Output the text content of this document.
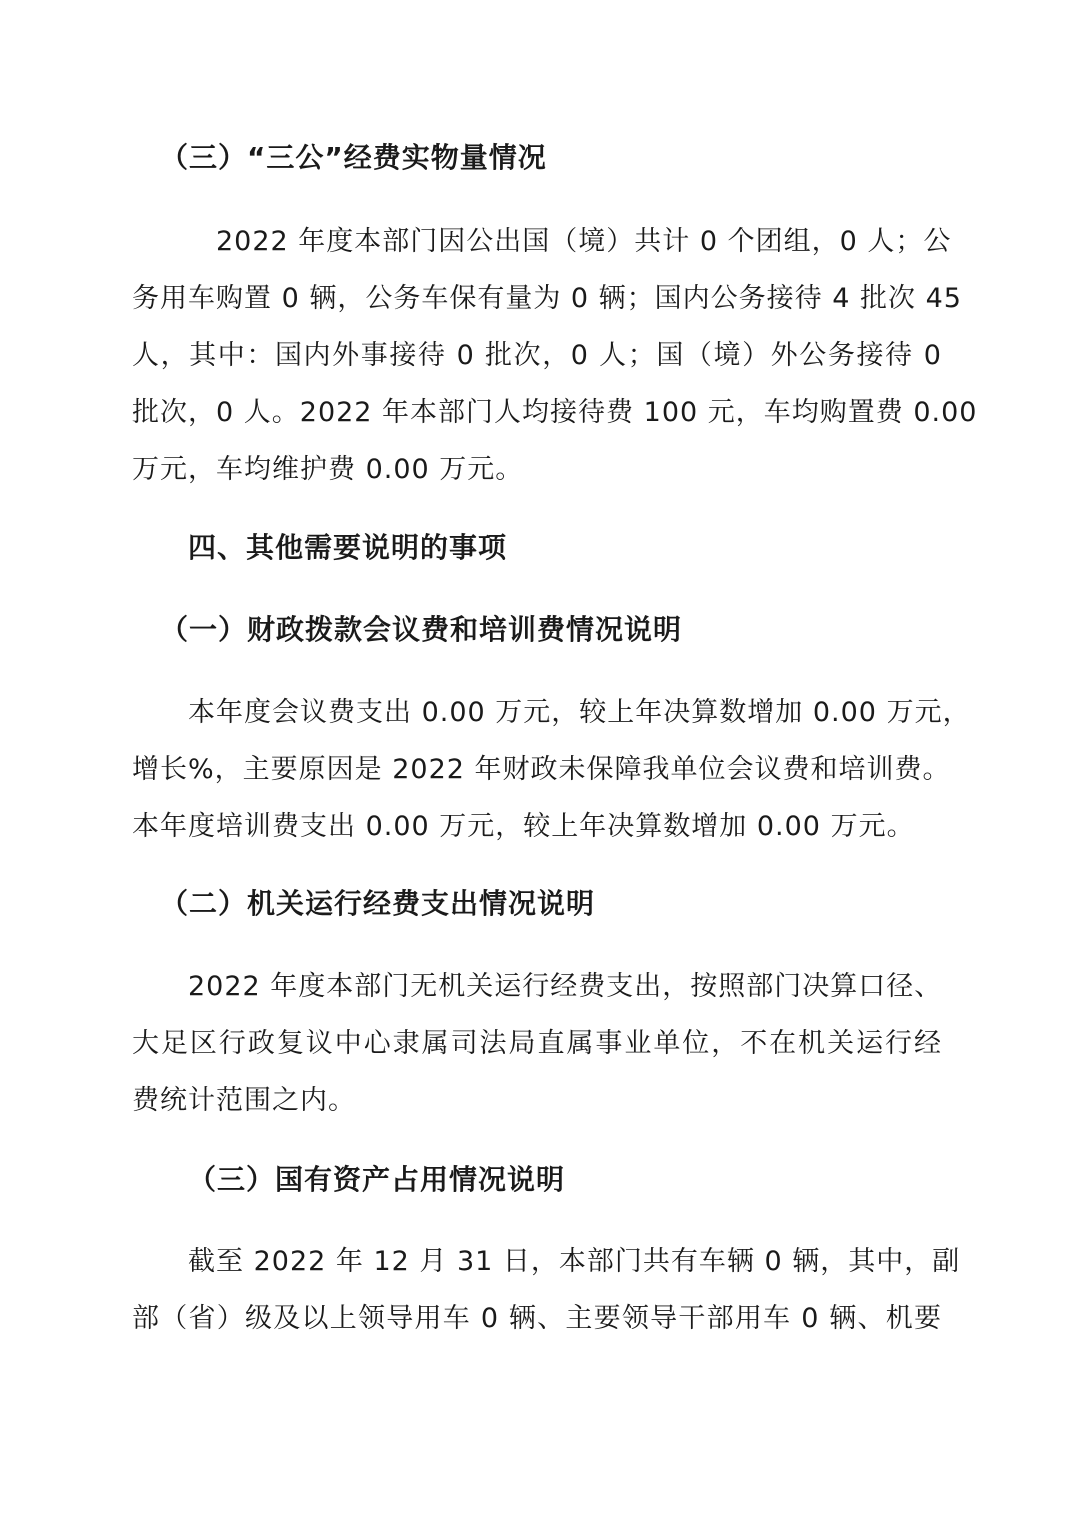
（三）“三公”经费实物量情况
2022 年度本部门因公出国（境）共计 0 个团组，0 人；公
务用车购置 0 辆，公务车保有量为 0 辆；国内公务接待 4 批次 45
人，其中：国内外事接待 0 批次，0 人；国（境）外公务接待 0
批次，0 人。2022 年本部门人均接待费 100 元，车均购置费 0.00
万元，车均维护费 0.00 万元。
四、其他需要说明的事项
（一）财政拨款会议费和培训费情况说明
本年度会议费支出 0.00 万元，较上年决算数增加 0.00 万元，
增长%，主要原因是 2022 年财政未保障我单位会议费和培训费。
本年度培训费支出 0.00 万元，较上年决算数增加 0.00 万元。
（二）机关运行经费支出情况说明
2022 年度本部门无机关运行经费支出，按照部门决算口径、
大足区行政复议中心隶属司法局直属事业单位，不在机关运行经
费统计范围之内。
（三）国有资产占用情况说明
截至 2022 年 12 月 31 日，本部门共有车辆 0 辆，其中，副
部（省）级及以上领导用车 0 辆、主要领导干部用车 0 辆、机要
